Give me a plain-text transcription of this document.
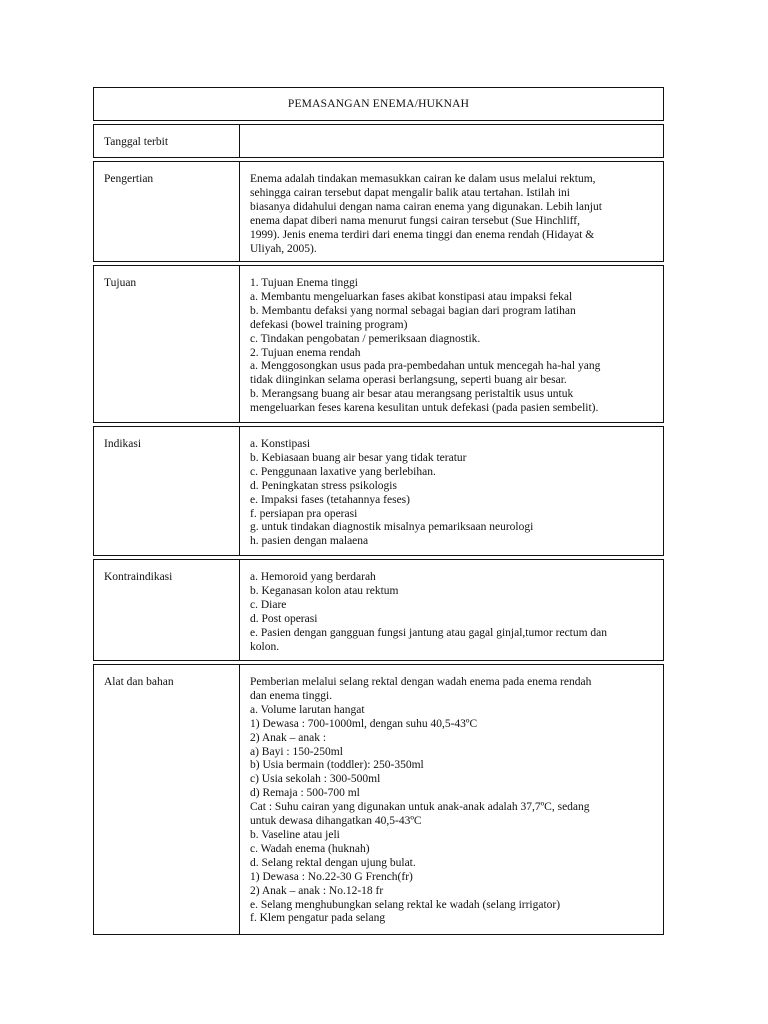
PEMASANGAN ENEMA/HUKNAH
Tanggal terbit
Pengertian	Enema adalah tindakan memasukkan cairan ke dalam usus melalui rektum,
sehingga cairan tersebut dapat mengalir balik atau tertahan. Istilah ini
biasanya didahului dengan nama cairan enema yang digunakan. Lebih lanjut
enema dapat diberi nama menurut fungsi cairan tersebut (Sue Hinchliff,
1999). Jenis enema terdiri dari enema tinggi dan enema rendah (Hidayat &
Uliyah, 2005).
Tujuan	1. Tujuan Enema tinggi
a. Membantu mengeluarkan fases akibat konstipasi atau impaksi fekal
b. Membantu defaksi yang normal sebagai bagian dari program latihan
defekasi (bowel training program)
c. Tindakan pengobatan / pemeriksaan diagnostik.
2. Tujuan enema rendah
a. Menggosongkan usus pada pra-pembedahan untuk mencegah ha-hal yang
tidak diinginkan selama operasi berlangsung, seperti buang air besar.
b. Merangsang buang air besar atau merangsang peristaltik usus untuk
mengeluarkan feses karena kesulitan untuk defekasi (pada pasien sembelit).
Indikasi	a. Konstipasi
b. Kebiasaan buang air besar yang tidak teratur
c. Penggunaan laxative yang berlebihan.
d. Peningkatan stress psikologis
e. Impaksi fases (tetahannya feses)
f. persiapan pra operasi
g. untuk tindakan diagnostik misalnya pemariksaan neurologi
h. pasien dengan malaena
Kontraindikasi	a. Hemoroid yang berdarah
b. Keganasan kolon atau rektum
c. Diare
d. Post operasi
e. Pasien dengan gangguan fungsi jantung atau gagal ginjal,tumor rectum dan
kolon.
Alat dan bahan	Pemberian melalui selang rektal dengan wadah enema pada enema rendah
dan enema tinggi.
a. Volume larutan hangat
1) Dewasa : 700-1000ml, dengan suhu 40,5-43ºC
2) Anak – anak :
a) Bayi : 150-250ml
b) Usia bermain (toddler): 250-350ml
c) Usia sekolah : 300-500ml
d) Remaja : 500-700 ml
Cat : Suhu cairan yang digunakan untuk anak-anak adalah 37,7ºC, sedang
untuk dewasa dihangatkan 40,5-43ºC
b. Vaseline atau jeli
c. Wadah enema (huknah)
d. Selang rektal dengan ujung bulat.
1) Dewasa : No.22-30 G French(fr)
2) Anak – anak : No.12-18 fr
e. Selang menghubungkan selang rektal ke wadah (selang irrigator)
f. Klem pengatur pada selang
